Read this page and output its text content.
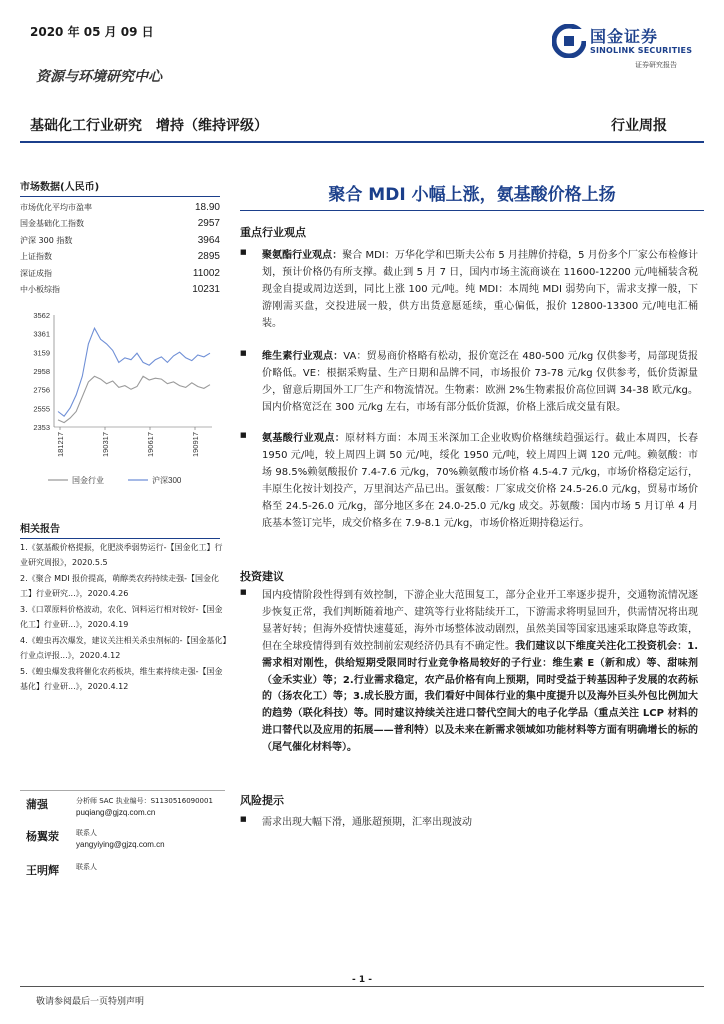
2020 年 05 月 09 日	国金证券
SINOLINK SECURITIES
证券研究报告
资源与环境研究中心
基础化工行业研究　增持（维持评级）	行业周报
市场数据(人民币)
市场优化平均市盈率	18.90
国金基础化工指数	2957
沪深 300 指数	3964
上证指数	2895
深证成指	11002
中小板综指	10231
3562
3361
3159
2958
2756
2555
2353
181217	190317	190617	190917
国金行业	沪深300
相关报告
1.《氨基酸价格提振，化肥淡季弱势运行-【国金化工】行业研究周报》，2020.5.5
2.《聚合 MDI 报价提高，萌醇类农药持续走强-【国金化工】行业研究...》，2020.4.26
3.《口罩原料价格波动，农化、饲料运行相对较好-【国金化工】行业研...》，2020.4.19
4.《蝗虫再次爆发，建议关注相关杀虫剂标的-【国金基化】行业点评报...》，2020.4.12
5.《蝗虫爆发我将催化农药板块，维生素持续走强-【国金基化】行业研...》，2020.4.12
蒲强	分析师 SAC 执业编号：S1130516090001
puqiang@gjzq.com.cn
杨翼荥 联系人
yangyiying@gjzq.com.cn
王明辉 联系人
聚合 MDI 小幅上涨，氨基酸价格上扬
重点行业观点
■ 聚氨酯行业观点：聚合 MDI：万华化学和巴斯夫公布 5 月挂牌价持稳，5 月份多个厂家公布检修计划，预计价格仍有所支撑。截止到 5 月 7 日，国内市场主流商谈在 11600-12200 元/吨桶装含税现金自提或周边送到，同比上涨 100 元/吨。纯 MDI：本周纯 MDI 弱势向下，需求支撑一般，下游刚需买盘，交投进展一般，供方出货意愿延续，重心偏低，报价 12800-13300 元/吨电汇桶装。
■ 维生素行业观点：VA：贸易商价格略有松动，报价宽泛在 480-500 元/kg 仅供参考，局部现货报价略低。VE：根据采购量、生产日期和品牌不同，市场报价 73-78 元/kg 仅供参考，低价货源量少，留意后期国外工厂生产和物流情况。生物素：欧洲 2%生物素报价高位回调 34-38 欧元/kg。国内价格宽泛在 300 元/kg 左右，市场有部分低价货源，价格上涨后成交量有限。
■ 氨基酸行业观点：原材料方面：本周玉米深加工企业收购价格继续趋强运行。截止本周四，长春 1950 元/吨，较上周四上调 50 元/吨，绥化 1950 元/吨，较上周四上调 120 元/吨。赖氨酸：市场 98.5%赖氨酸报价 7.4-7.6 元/kg，70%赖氨酸市场价格 4.5-4.7 元/kg，市场价格稳定运行，丰原生化按计划投产，万里润达产品已出。蛋氨酸：厂家成交价格 24.5-26.0 元/kg，贸易市场价格至 24.5-26.0 元/kg，部分地区多在 24.0-25.0 元/kg 成交。苏氨酸：国内市场 5 月订单 4 月底基本签订完毕，成交价格多在 7.9-8.1 元/kg，市场价格近期持稳运行。
投资建议
■ 国内疫情阶段性得到有效控制，下游企业大范围复工，部分企业开工率逐步提升，交通物流情况逐步恢复正常，我们判断随着地产、建筑等行业将陆续开工，下游需求将明显回升，供需情况将出现显著好转；但海外疫情快速蔓延，海外市场整体波动剧烈，虽然美国等国家迅速采取降息等政策，但在全球疫情得到有效控制前宏观经济仍具有不确定性。我们建议以下维度关注化工投资机会：1.需求相对刚性，供给短期受限同时行业竞争格局较好的子行业：维生素 E（新和成）等、甜味剂（金禾实业）等；2.行业需求稳定，农产品价格有向上预期，同时受益于转基因种子发展的农药标的（扬农化工）等；3.成长股方面，我们看好中间体行业的集中度提升以及海外巨头外包比例加大的趋势（联化科技）等。同时建议持续关注进口替代空间大的电子化学品（重点关注 LCP 材料的进口替代以及应用的拓展——普利特）以及未来在新需求领域如功能材料等方面有明确增长的标的（尾气催化材料等）。
风险提示
■ 需求出现大幅下滑，通胀超预期，汇率出现波动
- 1 -
敬请参阅最后一页特别声明
